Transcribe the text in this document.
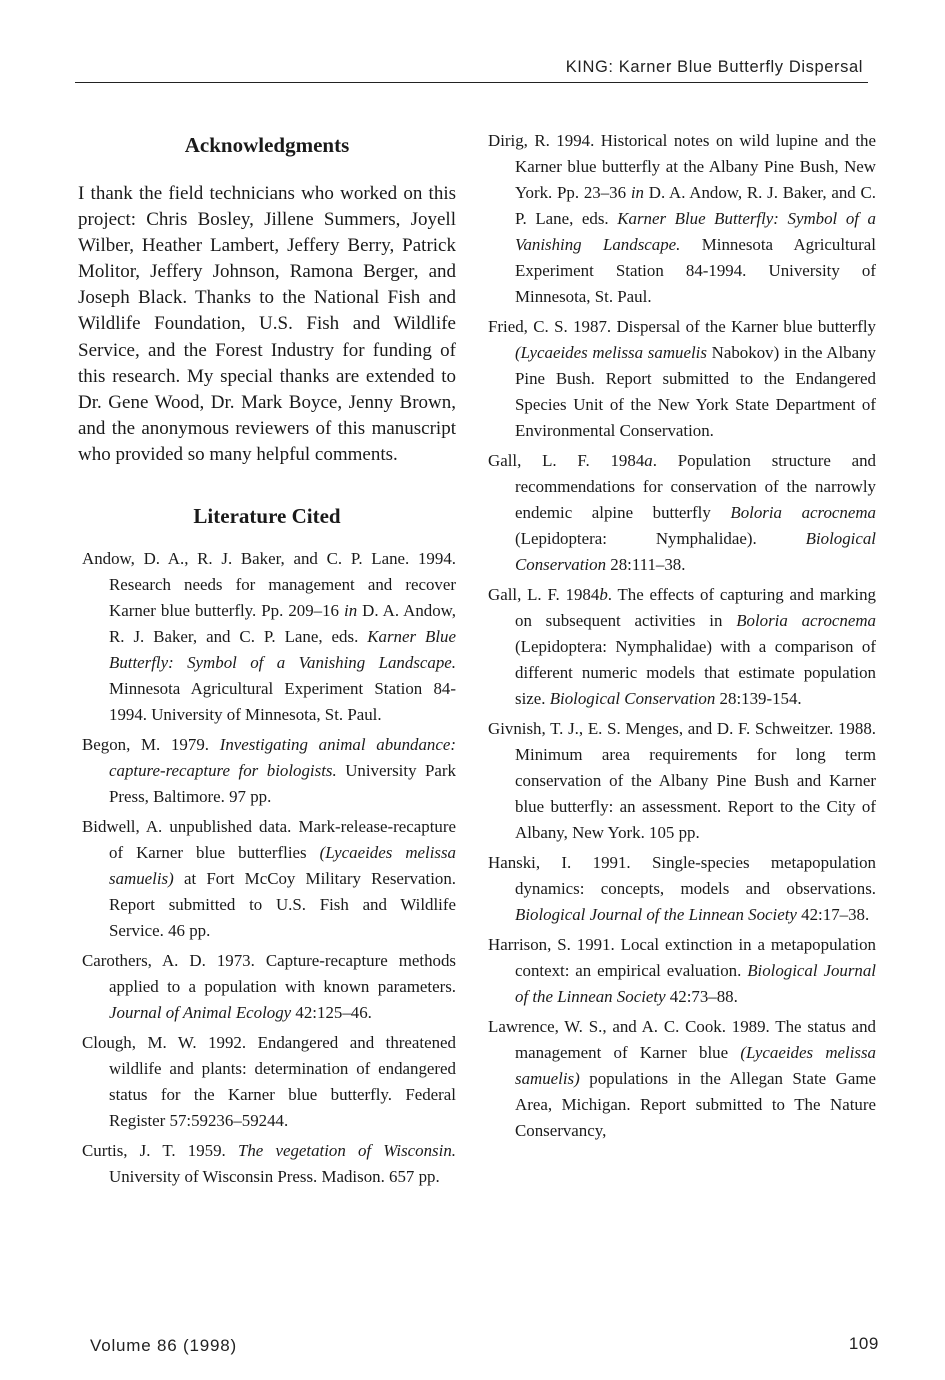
KING: Karner Blue Butterfly Dispersal
Acknowledgments

I thank the field technicians who worked on this project: Chris Bosley, Jillene Summers, Joyell Wilber, Heather Lambert, Jeffery Berry, Patrick Molitor, Jeffery Johnson, Ramona Berger, and Joseph Black. Thanks to the National Fish and Wildlife Foundation, U.S. Fish and Wildlife Service, and the Forest Industry for funding of this research. My special thanks are extended to Dr. Gene Wood, Dr. Mark Boyce, Jenny Brown, and the anonymous reviewers of this manuscript who provided so many helpful comments.

Literature Cited

Andow, D. A., R. J. Baker, and C. P. Lane. 1994. Research needs for management and recover Karner blue butterfly. Pp. 209–16 in D. A. Andow, R. J. Baker, and C. P. Lane, eds. Karner Blue Butterfly: Symbol of a Vanishing Landscape. Minnesota Agricultural Experiment Station 84-1994. University of Minnesota, St. Paul.

Begon, M. 1979. Investigating animal abundance: capture-recapture for biologists. University Park Press, Baltimore. 97 pp.

Bidwell, A. unpublished data. Mark-release-recapture of Karner blue butterflies (Lycaeides melissa samuelis) at Fort McCoy Military Reservation. Report submitted to U.S. Fish and Wildlife Service. 46 pp.

Carothers, A. D. 1973. Capture-recapture methods applied to a population with known parameters. Journal of Animal Ecology 42:125–46.

Clough, M. W. 1992. Endangered and threatened wildlife and plants: determination of endangered status for the Karner blue butterfly. Federal Register 57:59236–59244.

Curtis, J. T. 1959. The vegetation of Wisconsin. University of Wisconsin Press. Madison. 657 pp.

Dirig, R. 1994. Historical notes on wild lupine and the Karner blue butterfly at the Albany Pine Bush, New York. Pp. 23–36 in D. A. Andow, R. J. Baker, and C. P. Lane, eds. Karner Blue Butterfly: Symbol of a Vanishing Landscape. Minnesota Agricultural Experiment Station 84-1994. University of Minnesota, St. Paul.

Fried, C. S. 1987. Dispersal of the Karner blue butterfly (Lycaeides melissa samuelis Nabokov) in the Albany Pine Bush. Report submitted to the Endangered Species Unit of the New York State Department of Environmental Conservation.

Gall, L. F. 1984a. Population structure and recommendations for conservation of the narrowly endemic alpine butterfly Boloria acrocnema (Lepidoptera: Nymphalidae). Biological Conservation 28:111–38.

Gall, L. F. 1984b. The effects of capturing and marking on subsequent activities in Boloria acrocnema (Lepidoptera: Nymphalidae) with a comparison of different numeric models that estimate population size. Biological Conservation 28:139-154.

Givnish, T. J., E. S. Menges, and D. F. Schweitzer. 1988. Minimum area requirements for long term conservation of the Albany Pine Bush and Karner blue butterfly: an assessment. Report to the City of Albany, New York. 105 pp.

Hanski, I. 1991. Single-species metapopulation dynamics: concepts, models and observations. Biological Journal of the Linnean Society 42:17–38.

Harrison, S. 1991. Local extinction in a metapopulation context: an empirical evaluation. Biological Journal of the Linnean Society 42:73–88.

Lawrence, W. S., and A. C. Cook. 1989. The status and management of Karner blue (Lycaeides melissa samuelis) populations in the Allegan State Game Area, Michigan. Report submitted to The Nature Conservancy,

Volume 86 (1998)	109
